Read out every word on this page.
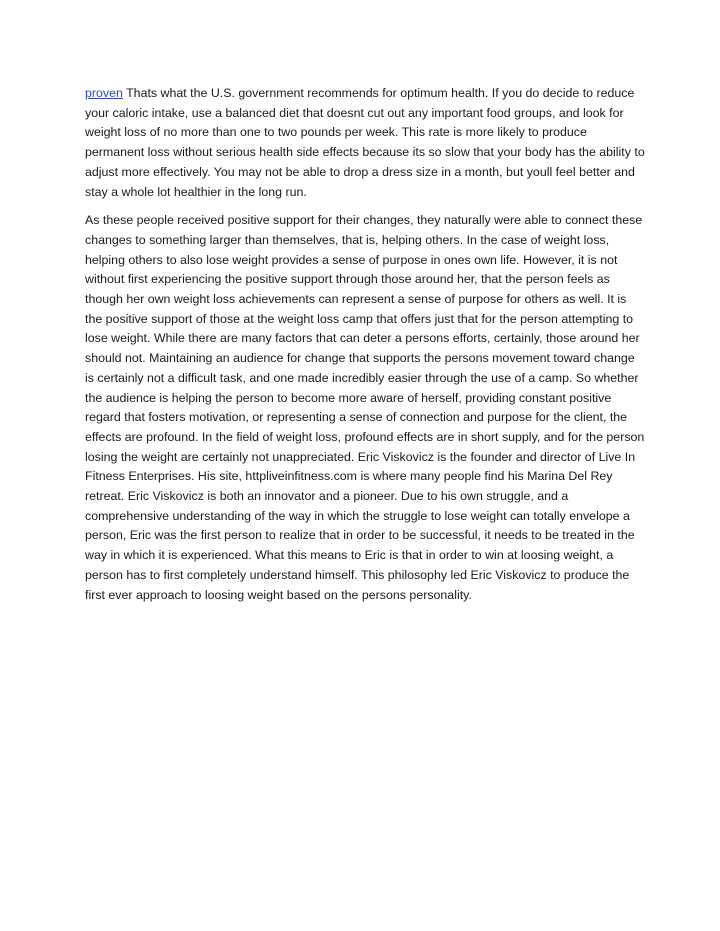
proven Thats what the U.S. government recommends for optimum health. If you do decide to reduce your caloric intake, use a balanced diet that doesnt cut out any important food groups, and look for weight loss of no more than one to two pounds per week. This rate is more likely to produce permanent loss without serious health side effects because its so slow that your body has the ability to adjust more effectively. You may not be able to drop a dress size in a month, but youll feel better and stay a whole lot healthier in the long run.

As these people received positive support for their changes, they naturally were able to connect these changes to something larger than themselves, that is, helping others. In the case of weight loss, helping others to also lose weight provides a sense of purpose in ones own life. However, it is not without first experiencing the positive support through those around her, that the person feels as though her own weight loss achievements can represent a sense of purpose for others as well. It is the positive support of those at the weight loss camp that offers just that for the person attempting to lose weight. While there are many factors that can deter a persons efforts, certainly, those around her should not. Maintaining an audience for change that supports the persons movement toward change is certainly not a difficult task, and one made incredibly easier through the use of a camp. So whether the audience is helping the person to become more aware of herself, providing constant positive regard that fosters motivation, or representing a sense of connection and purpose for the client, the effects are profound. In the field of weight loss, profound effects are in short supply, and for the person losing the weight are certainly not unappreciated. Eric Viskovicz is the founder and director of Live In Fitness Enterprises. His site, httpliveinfitness.com is where many people find his Marina Del Rey retreat. Eric Viskovicz is both an innovator and a pioneer. Due to his own struggle, and a comprehensive understanding of the way in which the struggle to lose weight can totally envelope a person, Eric was the first person to realize that in order to be successful, it needs to be treated in the way in which it is experienced. What this means to Eric is that in order to win at loosing weight, a person has to first completely understand himself. This philosophy led Eric Viskovicz to produce the first ever approach to loosing weight based on the persons personality.
